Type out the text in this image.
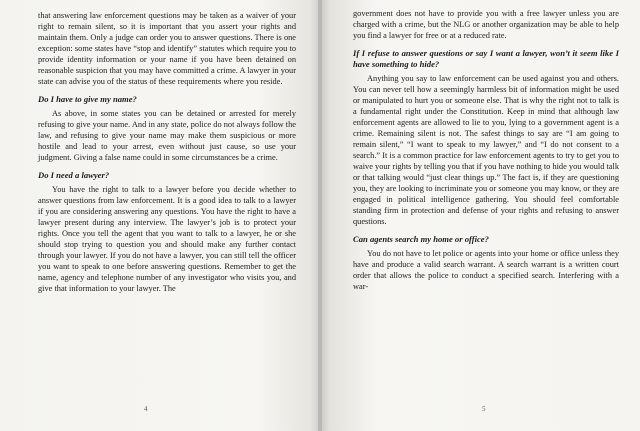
that answering law enforcement questions may be taken as a waiver of your right to remain silent, so it is important that you assert your rights and maintain them. Only a judge can order you to answer questions. There is one exception: some states have “stop and identify” statutes which require you to provide identity information or your name if you have been detained on reasonable suspicion that you may have committed a crime. A lawyer in your state can advise you of the status of these requirements where you reside.

Do I have to give my name?

As above, in some states you can be detained or arrested for merely refusing to give your name. And in any state, police do not always follow the law, and refusing to give your name may make them suspicious or more hostile and lead to your arrest, even without just cause, so use your judgment. Giving a false name could in some circumstances be a crime.

Do I need a lawyer?

You have the right to talk to a lawyer before you decide whether to answer questions from law enforcement. It is a good idea to talk to a lawyer if you are considering answering any questions. You have the right to have a lawyer present during any interview. The lawyer’s job is to protect your rights. Once you tell the agent that you want to talk to a lawyer, he or she should stop trying to question you and should make any further contact through your lawyer. If you do not have a lawyer, you can still tell the officer you want to speak to one before answering questions. Remember to get the name, agency and telephone number of any investigator who visits you, and give that information to your lawyer. The

4

government does not have to provide you with a free lawyer unless you are charged with a crime, but the NLG or another organization may be able to help you find a lawyer for free or at a reduced rate.

If I refuse to answer questions or say I want a lawyer, won’t it seem like I have something to hide?

Anything you say to law enforcement can be used against you and others. You can never tell how a seemingly harmless bit of information might be used or manipulated to hurt you or someone else. That is why the right not to talk is a fundamental right under the Constitution. Keep in mind that although law enforcement agents are allowed to lie to you, lying to a government agent is a crime. Remaining silent is not. The safest things to say are “I am going to remain silent,” “I want to speak to my lawyer,” and “I do not consent to a search.” It is a common practice for law enforcement agents to try to get you to waive your rights by telling you that if you have nothing to hide you would talk or that talking would “just clear things up.” The fact is, if they are questioning you, they are looking to incriminate you or someone you may know, or they are engaged in political intelligence gathering. You should feel comfortable standing firm in protection and defense of your rights and refusing to answer questions.

Can agents search my home or office?

You do not have to let police or agents into your home or office unless they have and produce a valid search warrant. A search warrant is a written court order that allows the police to conduct a specified search. Interfering with a war-

5
